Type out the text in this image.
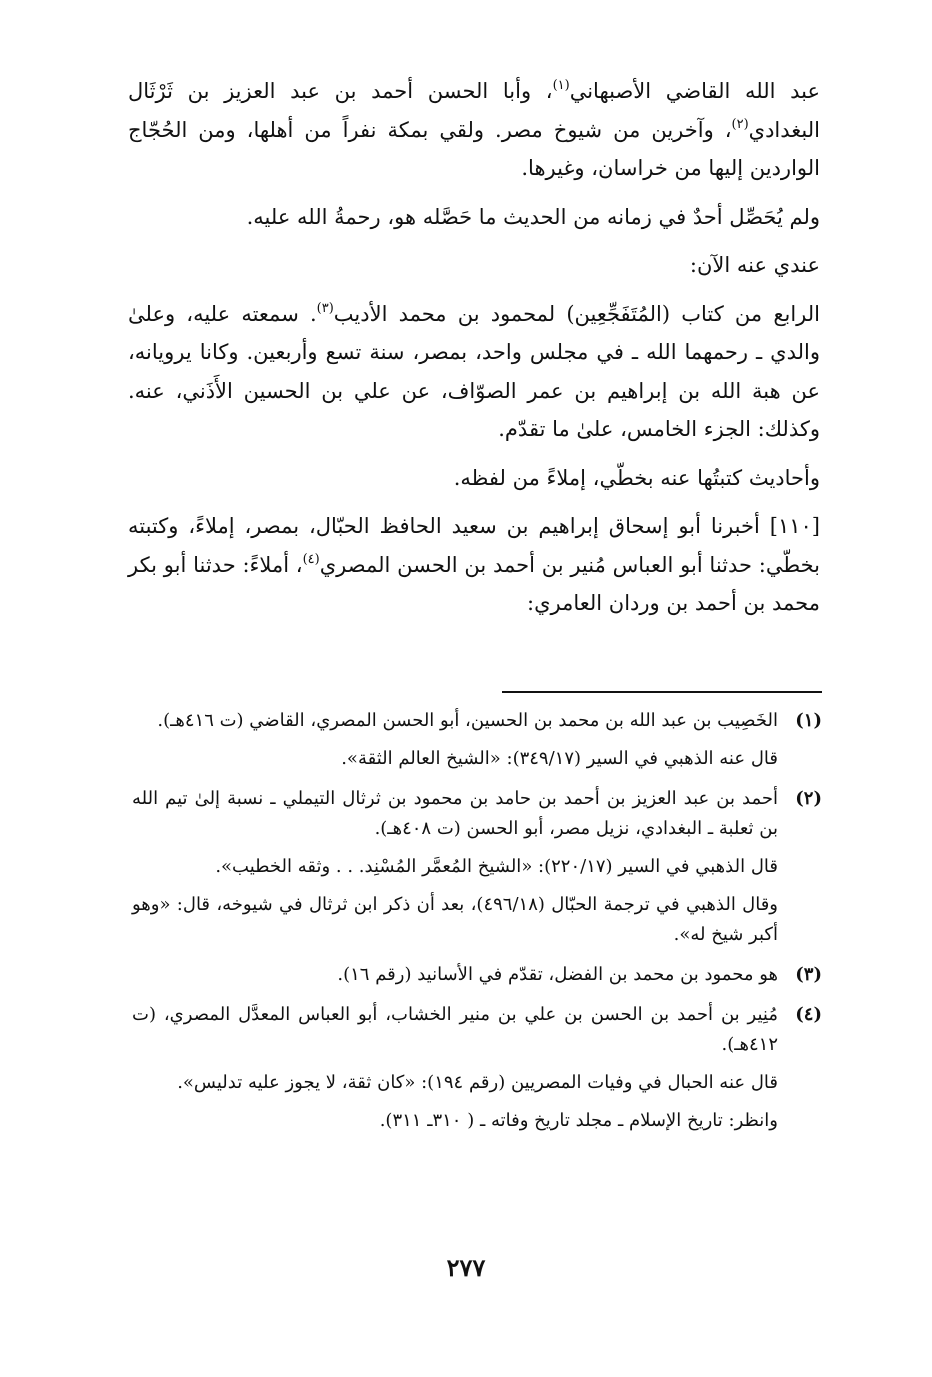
عبد الله القاضي الأصبهاني$^{(١)}$، وأبا الحسن أحمد بن عبد العزيز بن ثَرْثَال البغدادي$^{(٢)}$، وآخرين من شيوخ مصر. ولقي بمكة نفراً من أهلها، ومن الحُجّاج الواردين إليها من خراسان، وغيرها.

ولم يُحَصِّل أحدٌ في زمانه من الحديث ما حَصَّله هو، رحمةُ الله عليه.

عندي عنه الآن:

الرابع من كتاب (المُتَفَجِّعِين) لمحمود بن محمد الأديب$^{(٣)}$. سمعته عليه، وعلىٰ والدي ـ رحمهما الله ـ في مجلس واحد، بمصر، سنة تسع وأربعين. وكانا يرويانه، عن هبة الله بن إبراهيم بن عمر الصوّاف، عن علي بن الحسين الأَذَني، عنه. وكذلك: الجزء الخامس، علىٰ ما تقدّم.

وأحاديث كتبتُها عنه بخطّي، إملاءً من لفظه.

[١١٠] أخبرنا أبو إسحاق إبراهيم بن سعيد الحافظ الحبّال، بمصر، إملاءً، وكتبته بخطّي: حدثنا أبو العباس مُنير بن أحمد بن الحسن المصري$^{(٤)}$، أملاءً: حدثنا أبو بكر محمد بن أحمد بن وردان العامري:

(١)
الخَصِيب بن عبد الله بن محمد بن الحسين، أبو الحسن المصري، القاضي (ت ٤١٦هـ).
قال عنه الذهبي في السير (٣٤٩/١٧): «الشيخ العالم الثقة».
(٢)
أحمد بن عبد العزيز بن أحمد بن حامد بن محمود بن ثرثال التيملي ـ نسبة إلىٰ تيم الله بن ثعلبة ـ البغدادي، نزيل مصر، أبو الحسن (ت ٤٠٨هـ).
قال الذهبي في السير (٢٢٠/١٧): «الشيخ المُعمَّر المُسْنِد. . . وثقه الخطيب».
وقال الذهبي في ترجمة الحبّال (٤٩٦/١٨)، بعد أن ذكر ابن ثرثال في شيوخه، قال: «وهو أكبر شيخ له».
(٣)
هو محمود بن محمد بن الفضل، تقدّم في الأسانيد (رقم ١٦).
(٤)
مُنِير بن أحمد بن الحسن بن علي بن منير الخشاب، أبو العباس المعدَّل المصري، (ت ٤١٢هـ).
قال عنه الحبال في وفيات المصريين (رقم ١٩٤): «كان ثقة، لا يجوز عليه تدليس».
وانظر: تاريخ الإسلام ـ مجلد تاريخ وفاته ـ ( ٣١٠ـ ٣١١).
٢٧٧
